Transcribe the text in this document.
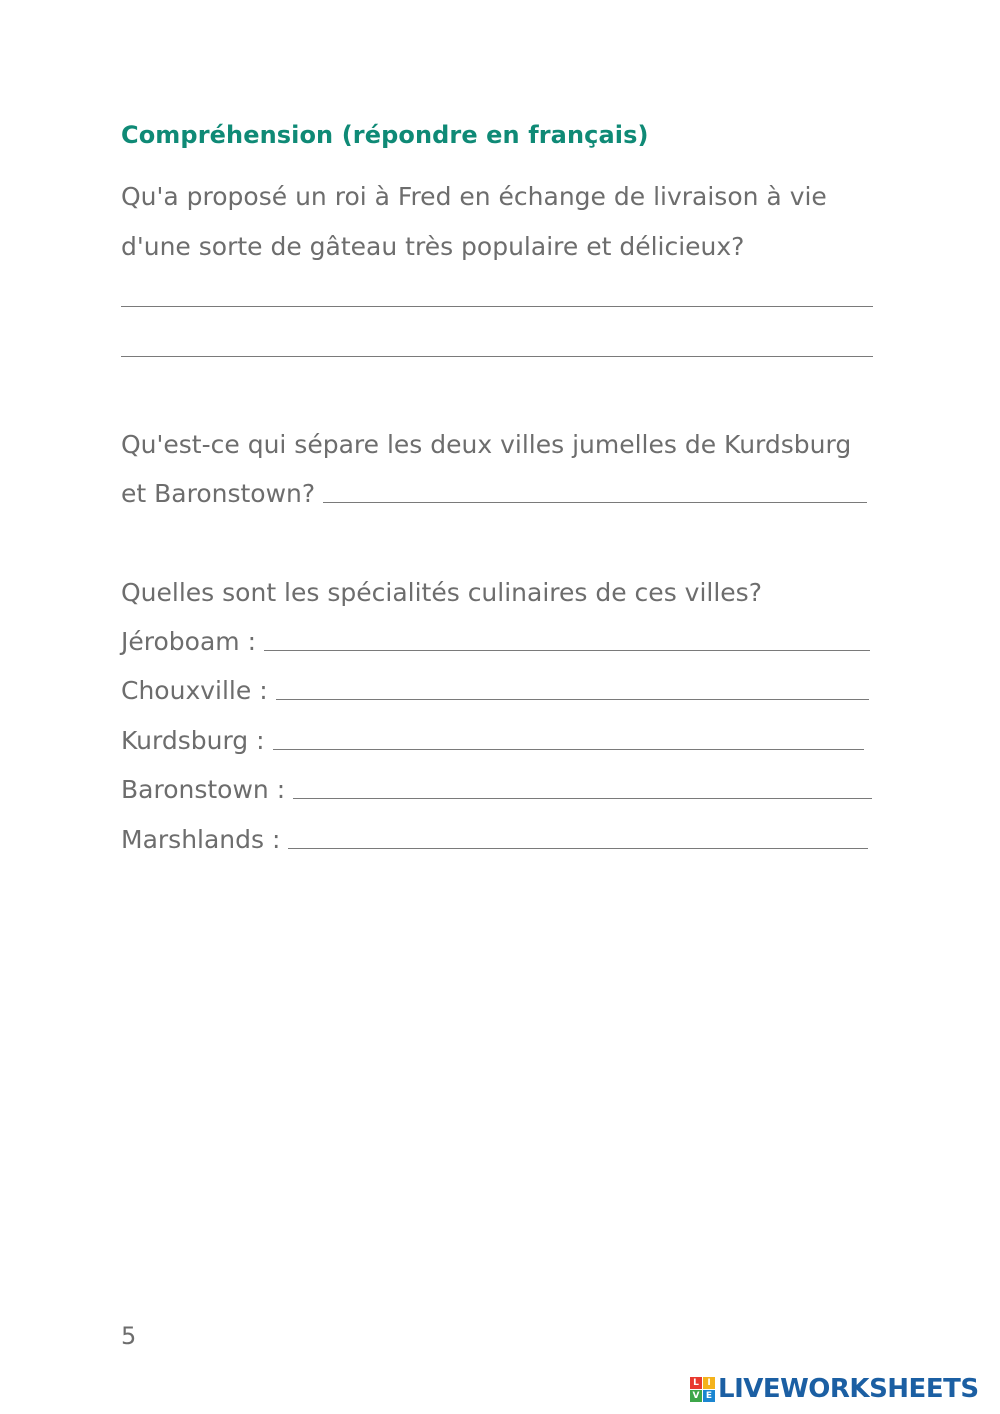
Compréhension (répondre en français)
Qu'a proposé un roi à Fred en échange de livraison à vie
d'une sorte de gâteau très populaire et délicieux?
Qu'est-ce qui sépare les deux villes jumelles de Kurdsburg
et Baronstown?
Quelles sont les spécialités culinaires de ces villes?
Jéroboam :
Chouxville :
Kurdsburg :
Baronstown :
Marshlands :
5
L I
V E LIVEWORKSHEETS
